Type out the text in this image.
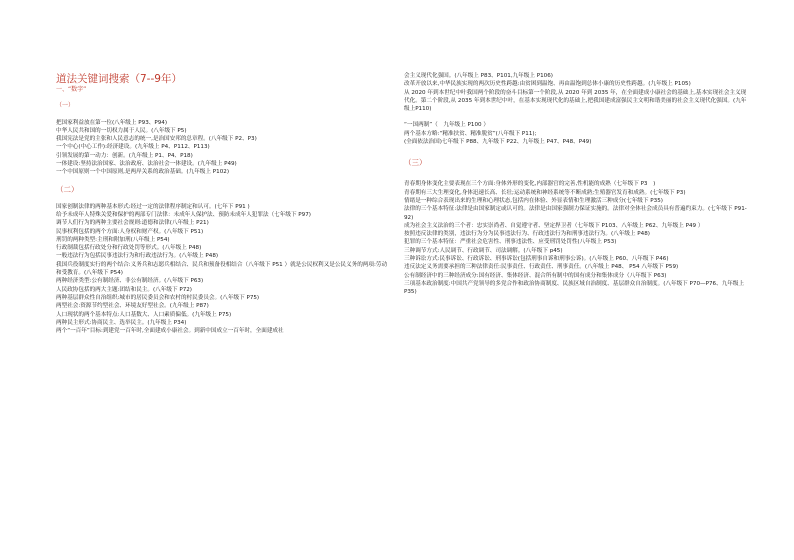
道法关键词搜索（7--9年）

一、“数字”

（一）

把国家利益放在第一位(八年级上 P93、P94)

中华人民共和国的一切权力属于人民。(八年级下 P5)

我国宪法是党的主张和人民意志的统一,是治国安邦的总章程。(八年级下 P2、P3)

一个中心(中心工作):经济建设。(九年级上 P4、P112、P113)

引领发展的第一动力：创新。(九年级上 P1、P4、P18)

一体建设:坚持法治国家、法治政府、法治社会一体建设。(九年级上 P49)

一个中国原则一个中国原则,是两岸关系的政治基础。(九年级上 P102)

（二）

国家创制法律的两种基本形式:经过一定的法律程序制定和认可。(七年下 P91 )

给予未成年人特殊关爱和保护的两部专门法律：未成年人保护法、预防未成年人犯罪法（七年级下 P97)

调节人们行为的两种主要社会规则:道德和法律(八年级上 P21)

民事权利包括的两个方面:人身权和财产权。(八年级下 P51)

刑罚的两种类型:主刑和附加刑(八年级上 P54)

行政制裁包括行政处分和行政处罚等形式。(八年级上 P48)

一般违法行为包括民事违法行为和行政违法行为。(八年级上 P48)

我国兵役制度实行的两个结合:义务兵和志愿兵相结合、民兵和预备役相结合（八年级下 P51 ）就是公民权利又是公民义务的两项:劳动和受教育。(八年级下 P54)

两种经济类型:公有制经济、非公有制经济。(八年级下 P63)

人民政协包括的两大主题:团结和民主。(八年级下 P72)

两种基层群众性自治组织:城市的居民委员会和农村的村民委员会。(八年级下 P75)

两型社会:资源节约型社会、环境友好型社会。(九年级上 P87)

人口现状的两个基本特点:人口基数大、人口素质偏低。(九年级上 P75)

两种民主形式:协商民主、选举民主。(九年级上 P34)

两个“一百年”目标:到建党一百年时,全面建成小康社会。到新中国成立一百年时，全面建成社

会主义现代化强国。(八年级上 P83、P101,九年级上 P106)

改革开放以来,中华民族实现的两次历史性跨越:由贫困到温饱、再由温饱到总体小康的历史性跨越。(九年级上 P105)

从 2020 年到本世纪中叶我国两个阶段的奋斗目标第一个阶段,从 2020 年到 2035 年，在全面建成小康社会的基础上,基本实现社会主义现代化。第二个阶段,从 2035 年到本世纪中叶，在基本实现现代化的基础上,把我国建成富强民主文明和谐美丽的社会主义现代化强国。(九年级上P110)

“一国两制”（　九年级上 P100 ）

两个基本方略:“精准扶贫、精准脱贫”(八年级下 P11);

(全面依法治国)七年级下 P88、九年级下 P22、九年级上 P47、P48、P49)

（三）

青春期身体变化主要表现在三个方面:身体外形的变化,内部器官的完善,性机能的成熟（七年级下 P3　)

青春期有三大生理变化,身体迅速长高、长壮;运动系统和神经系统等不断成熟;生殖器官发育和成熟。(七年级下 P3)

情绪是一种综合表现出来的生理和心理状态,包括内在体验、外显表情和生理激活三种成分(七年级下 P35)

法律的三个基本特征:法律是由国家制定或认可的。法律是由国家强制力保证实施的。法律对全体社会成员具有普遍约束力。(七年级下 P91-92)

成为社会主义法治的三个者：忠实崇尚者、自觉遵守者、坚定捍卫者（七年级下 P103、八年级上 P62、九年级上 P49 ）

按照违反法律的类别，违法行为分为民事违法行为、行政违法行为和刑事违法行为。(八年级上 P48)

犯罪的三个基本特征：严重社会危害性、刑事违法性、应受刑罚处罚性(八年级上 P53)

三种调节方式:人民调节、行政调节、司法调解。(八年级下 p45)

三种诉讼方式:民事诉讼、行政诉讼、刑事诉讼(包括刑事自诉和刑事公诉)。(八年级上 P60、八年级下 P46)

违反法定义务需要承担的三种法律责任:民事责任、行政责任、刑事责任。(八年级上 P48、 P54 八年级下 P59)

公有制经济中的三种经济成分:国有经济、集体经济、混合所有制中的国有成分和集体成分（八年级下 P63)

三项基本政治制度:中国共产党领导的多党合作和政治协商制度、民族区域自治制度、基层群众自治制度。(八年级下 P70—P76、九年级上 P35)
